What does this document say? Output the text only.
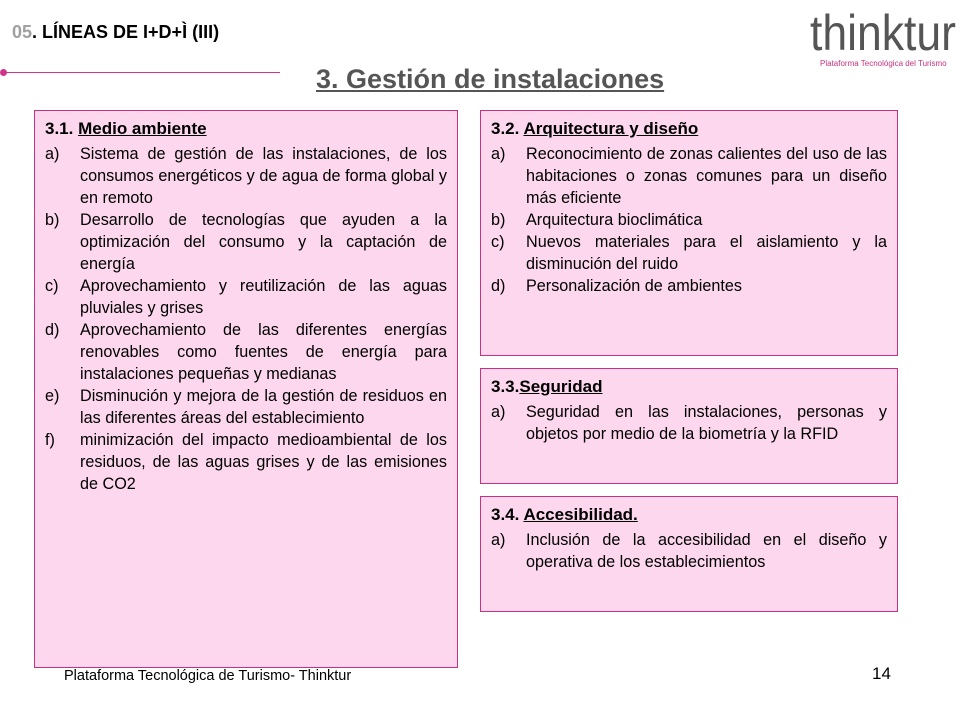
05. LÍNEAS DE I+D+Ì (III)
3. Gestión de instalaciones
thinktur
Plataforma Tecnológica del Turismo
3.1. Medio ambiente
a)	Sistema de gestión de las instalaciones, de los consumos energéticos y de agua de forma global y en remoto
b)	Desarrollo de tecnologías que ayuden a la optimización del consumo y la captación de energía
c)	Aprovechamiento y reutilización de las aguas pluviales y grises
d)	Aprovechamiento de las diferentes energías renovables como fuentes de energía para instalaciones pequeñas y medianas
e)	Disminución y mejora de la gestión de residuos en las diferentes áreas del establecimiento
f)	minimización del impacto medioambiental de los residuos, de las aguas grises y de las emisiones de CO2
3.2. Arquitectura y diseño
a)	Reconocimiento de zonas calientes del uso de las habitaciones o zonas comunes para un diseño más eficiente
b)	Arquitectura bioclimática
c)	Nuevos materiales para el aislamiento y la disminución del ruido
d)	Personalización de ambientes
3.3.Seguridad
a)	Seguridad en las instalaciones, personas y objetos por medio de la biometría y la RFID
3.4. Accesibilidad.
a)	Inclusión de la accesibilidad en el diseño y operativa de los establecimientos
Plataforma Tecnológica de Turismo- Thinktur	14
